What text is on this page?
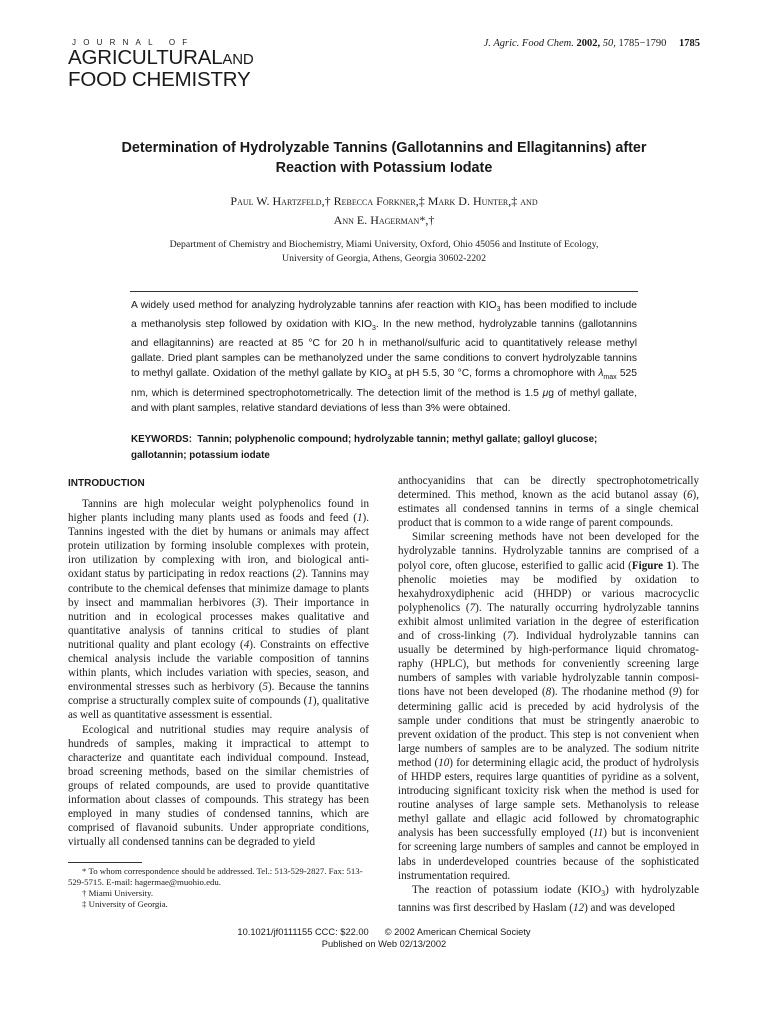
JOURNAL OF
AGRICULTURALAND
FOOD CHEMISTRY
J. Agric. Food Chem. 2002, 50, 1785−1790 1785
Determination of Hydrolyzable Tannins (Gallotannins and Ellagitannins) after Reaction with Potassium Iodate
Paul W. Hartzfeld,† Rebecca Forkner,‡ Mark D. Hunter,‡ and
Ann E. Hagerman*,†
Department of Chemistry and Biochemistry, Miami University, Oxford, Ohio 45056 and Institute of Ecology, University of Georgia, Athens, Georgia 30602-2202
A widely used method for analyzing hydrolyzable tannins afer reaction with $KIO_3$ has been modified to include a methanolysis step followed by oxidation with $KIO_3$. In the new method, hydrolyzable tannins (gallotannins and ellagitannins) are reacted at 85 °C for 20 h in methanol/sulfuric acid to quantitatively release methyl gallate. Dried plant samples can be methanolyzed under the same conditions to convert hydrolyzable tannins to methyl gallate. Oxidation of the methyl gallate by $KIO_3$ at pH 5.5, 30 °C, forms a chromophore with $\lambda_{max}$ 525 nm, which is determined spectrophotometrically. The detection limit of the method is 1.5 μg of methyl gallate, and with plant samples, relative standard deviations of less than 3% were obtained.
KEYWORDS: Tannin; polyphenolic compound; hydrolyzable tannin; methyl gallate; galloyl glucose; gallotannin; potassium iodate
INTRODUCTION

Tannins are high molecular weight polyphenolics found in higher plants including many plants used as foods and feed (1). Tannins ingested with the diet by humans or animals may affect protein utilization by forming insoluble complexes with protein, iron utilization by complexing with iron, and biological anti-oxidant status by participating in redox reactions (2). Tannins may contribute to the chemical defenses that minimize damage to plants by insect and mammalian herbivores (3). Their importance in nutrition and in ecological processes makes qualitative and quantitative analysis of tannins critical to studies of plant nutritional quality and plant ecology (4). Constraints on effective chemical analysis include the variable composition of tannins within plants, which includes variation with species, season, and environmental stresses such as herbivory (5). Because the tannins comprise a structurally complex suite of compounds (1), qualitative as well as quantitative assessment is essential.

Ecological and nutritional studies may require analysis of hundreds of samples, making it impractical to attempt to characterize and quantitate each individual compound. Instead, broad screening methods, based on the similar chemistries of groups of related compounds, are used to provide quantitative information about classes of compounds. This strategy has been employed in many studies of condensed tannins, which are comprised of flavanoid subunits. Under appropriate conditions, virtually all condensed tannins can be degraded to yield

anthocyanidins that can be directly spectrophotometrically determined. This method, known as the acid butanol assay (6), estimates all condensed tannins in terms of a single chemical product that is common to a wide range of parent compounds.

Similar screening methods have not been developed for the hydrolyzable tannins. Hydrolyzable tannins are comprised of a polyol core, often glucose, esterified to gallic acid (Figure 1). The phenolic moieties may be modified by oxidation to hexahydroxydiphenic acid (HHDP) or various macrocyclic polyphenolics (7). The naturally occurring hydrolyzable tannins exhibit almost unlimited variation in the degree of esterification and of cross-linking (7). Individual hydrolyzable tannins can usually be determined by high-performance liquid chromatog-raphy (HPLC), but methods for conveniently screening large numbers of samples with variable hydrolyzable tannin composi-tions have not been developed (8). The rhodanine method (9) for determining gallic acid is preceded by acid hydrolysis of the sample under conditions that must be stringently anaerobic to prevent oxidation of the product. This step is not convenient when large numbers of samples are to be analyzed. The sodium nitrite method (10) for determining ellagic acid, the product of hydrolysis of HHDP esters, requires large quantities of pyridine as a solvent, introducing significant toxicity risk when the method is used for routine analyses of large sample sets. Methanolysis to release methyl gallate and ellagic acid followed by chromatographic analysis has been successfully employed (11) but is inconvenient for screening large numbers of samples and cannot be employed in labs in underdeveloped countries because of the sophisticated instrumentation required.

The reaction of potassium iodate $(KIO_3)$ with hydrolyzable tannins was first described by Haslam (12) and was developed

* To whom correspondence should be addressed. Tel.: 513-529-2827. Fax: 513-529-5715. E-mail: hagermae@muohio.edu.
† Miami University.
‡ University of Georgia.
10.1021/jf0111155 CCC: $22.00 © 2002 American Chemical Society
Published on Web 02/13/2002
